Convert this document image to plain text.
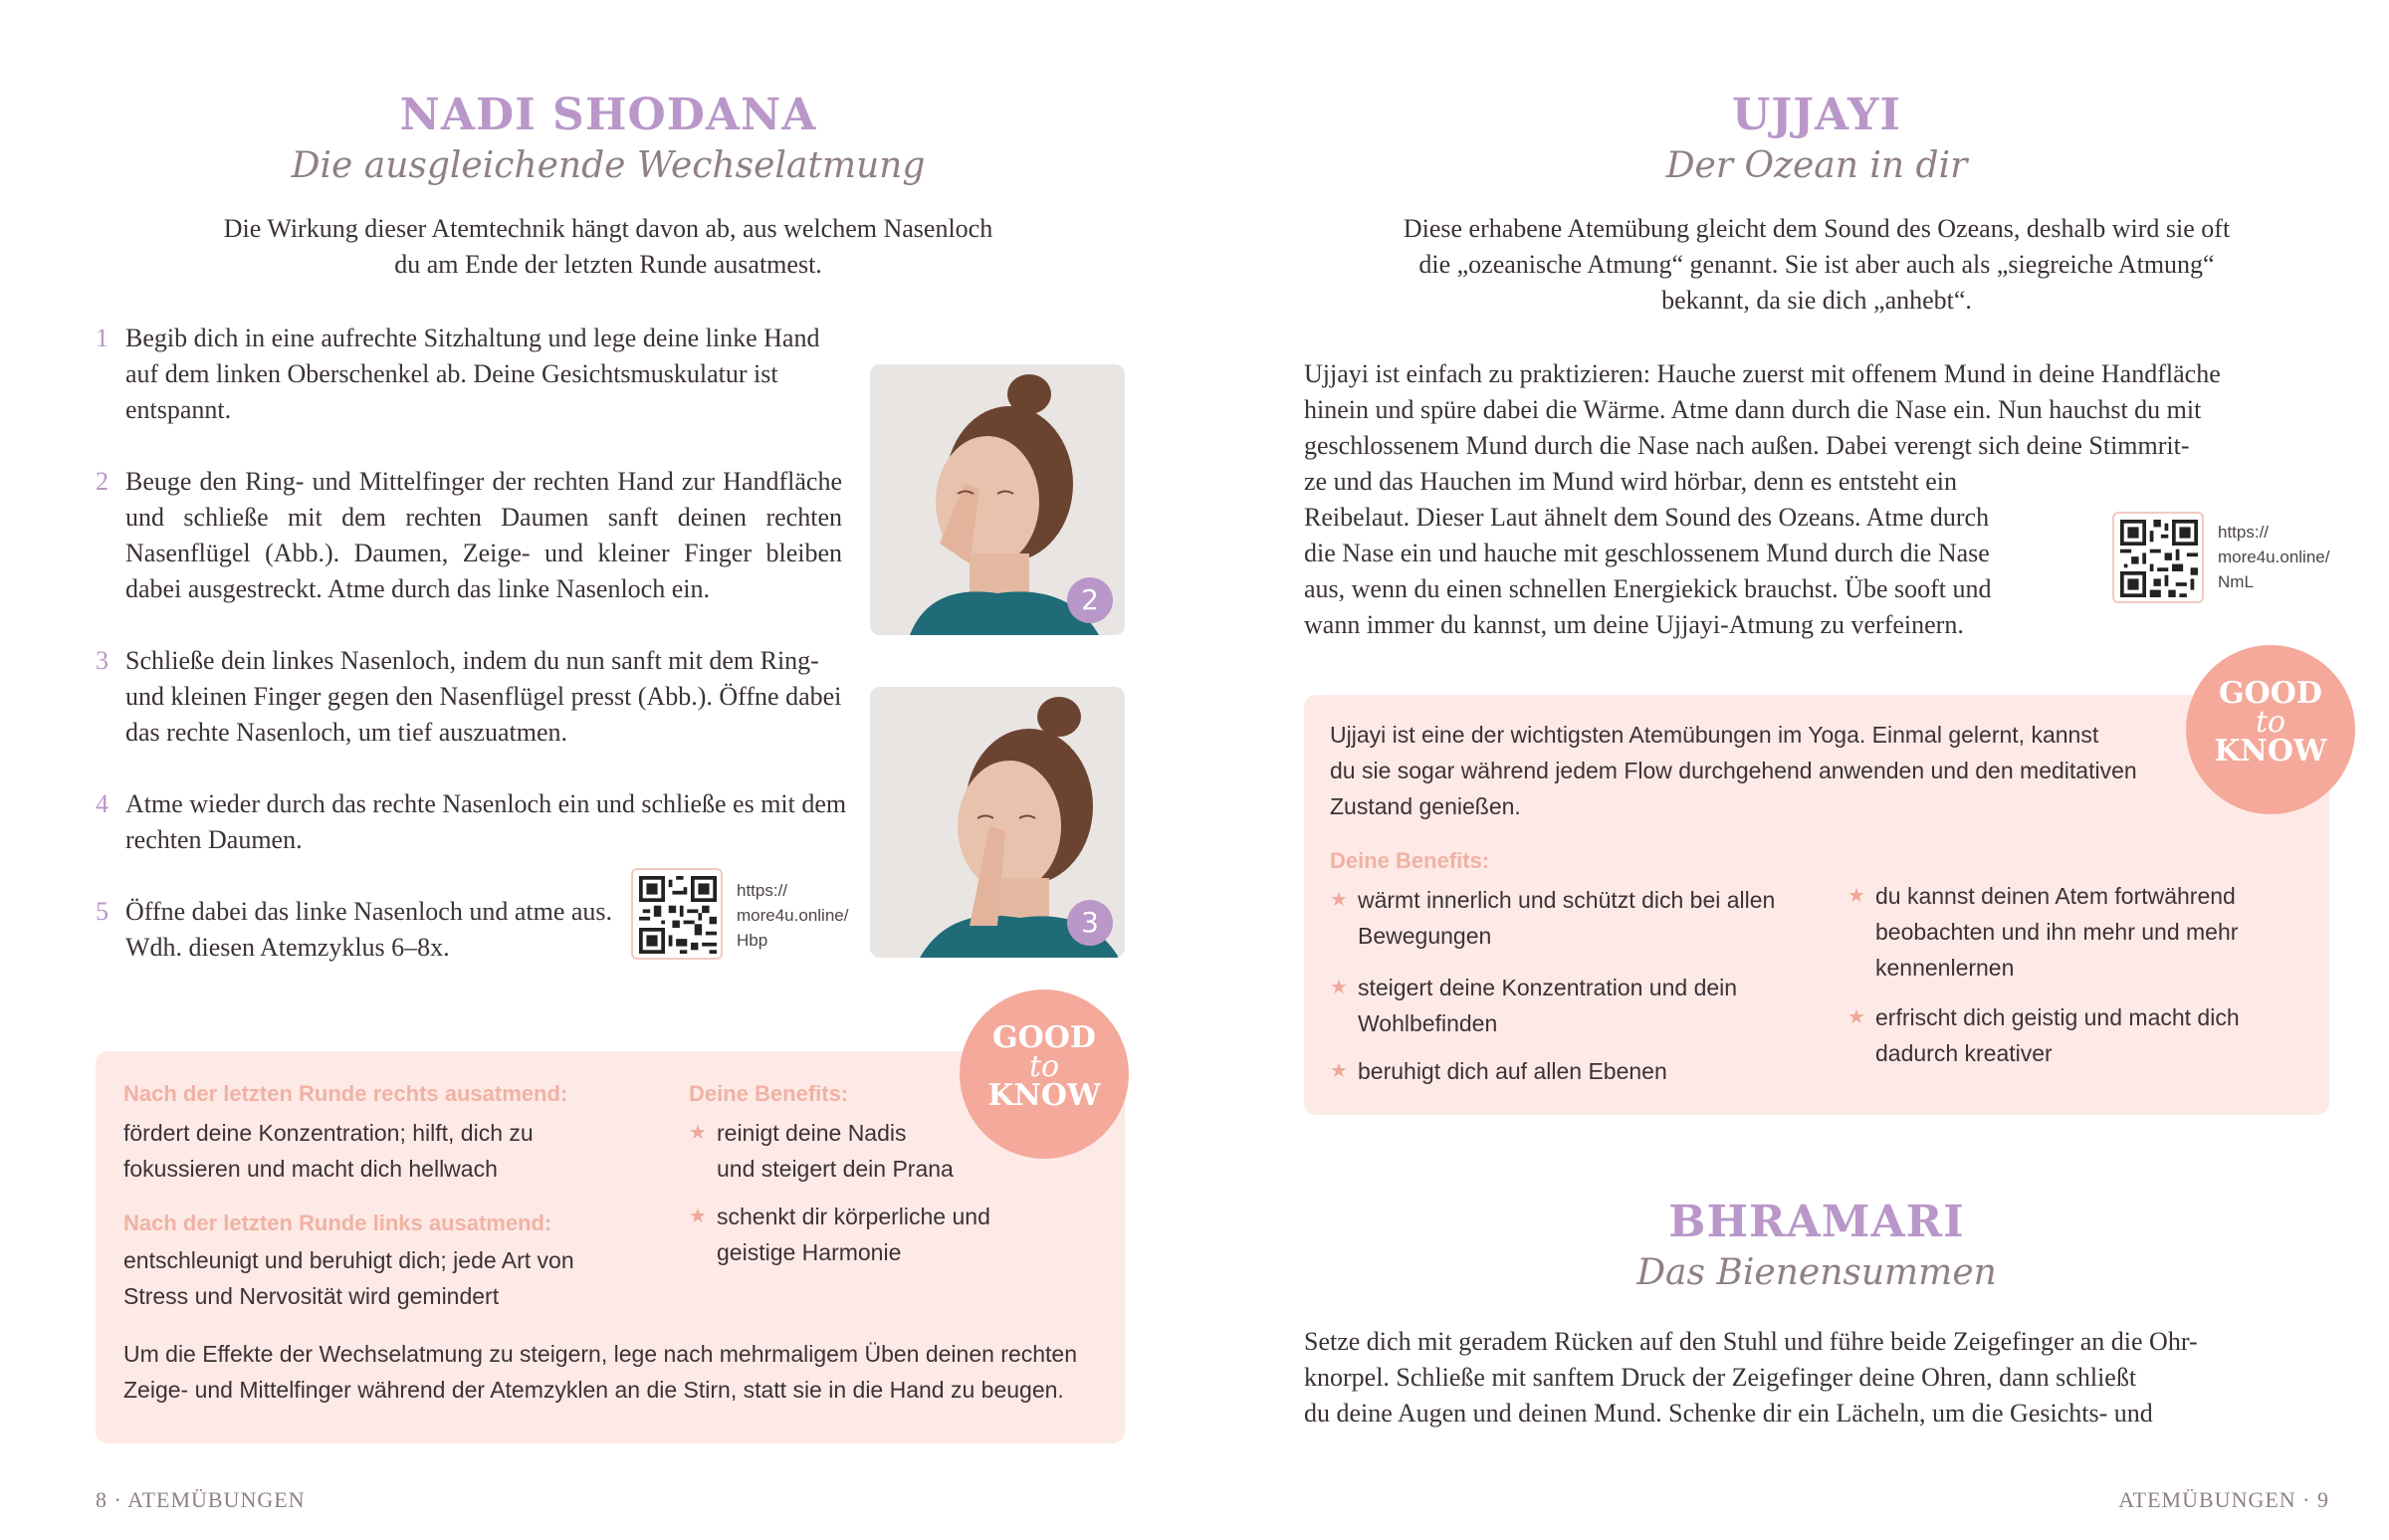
NADI SHODANA
Die ausgleichende Wechselatmung
Die Wirkung dieser Atemtechnik hängt davon ab, aus welchem Nasenloch
du am Ende der letzten Runde ausatmest.
1 Begib dich in eine aufrechte Sitzhaltung und lege deine linke Hand auf dem linken Oberschenkel ab. Deine Gesichtsmuskulatur ist entspannt.
2 Beuge den Ring- und Mittelfinger der rechten Hand zur Handfläche und schließe mit dem rechten Daumen sanft deinen rechten Nasenflügel (Abb.). Daumen, Zeige- und kleiner Finger bleiben dabei ausgestreckt. Atme durch das linke Nasenloch ein.
3 Schließe dein linkes Nasenloch, indem du nun sanft mit dem Ring- und kleinen Finger gegen den Nasenflügel presst (Abb.). Öffne dabei das rechte Nasenloch, um tief auszuatmen.
4 Atme wieder durch das rechte Nasenloch ein und schließe es mit dem rechten Daumen.
5 Öffne dabei das linke Nasenloch und atme aus. Wdh. diesen Atemzyklus 6–8x.
https://
more4u.online/
Hbp
2
3
Nach der letzten Runde rechts ausatmend:
fördert deine Konzentration; hilft, dich zu
fokussieren und macht dich hellwach
Nach der letzten Runde links ausatmend:
entschleunigt und beruhigt dich; jede Art von
Stress und Nervosität wird gemindert
Deine Benefits:
★ reinigt deine Nadis
und steigert dein Prana
★ schenkt dir körperliche und
geistige Harmonie
Um die Effekte der Wechselatmung zu steigern, lege nach mehrmaligem Üben deinen rechten
Zeige- und Mittelfinger während der Atemzyklen an die Stirn, statt sie in die Hand zu beugen.
GOOD
to
KNOW
8 · ATEMÜBUNGEN
UJJAYI
Der Ozean in dir
Diese erhabene Atemübung gleicht dem Sound des Ozeans, deshalb wird sie oft
die „ozeanische Atmung“ genannt. Sie ist aber auch als „siegreiche Atmung“
bekannt, da sie dich „anhebt“.
Ujjayi ist einfach zu praktizieren: Hauche zuerst mit offenem Mund in deine Handfläche
hinein und spüre dabei die Wärme. Atme dann durch die Nase ein. Nun hauchst du mit
geschlossenem Mund durch die Nase nach außen. Dabei verengt sich deine Stimmrit-
ze und das Hauchen im Mund wird hörbar, denn es entsteht ein
Reibelaut. Dieser Laut ähnelt dem Sound des Ozeans. Atme durch
die Nase ein und hauche mit geschlossenem Mund durch die Nase
aus, wenn du einen schnellen Energiekick brauchst. Übe sooft und
wann immer du kannst, um deine Ujjayi-Atmung zu verfeinern.
https://
more4u.online/
NmL
Ujjayi ist eine der wichtigsten Atemübungen im Yoga. Einmal gelernt, kannst
du sie sogar während jedem Flow durchgehend anwenden und den meditativen
Zustand genießen.
Deine Benefits:
★ wärmt innerlich und schützt dich bei allen
Bewegungen
★ steigert deine Konzentration und dein
Wohlbefinden
★ beruhigt dich auf allen Ebenen
★ du kannst deinen Atem fortwährend
beobachten und ihn mehr und mehr
kennenlernen
★ erfrischt dich geistig und macht dich
dadurch kreativer
GOOD
to
KNOW
BHRAMARI
Das Bienensummen
Setze dich mit geradem Rücken auf den Stuhl und führe beide Zeigefinger an die Ohr-
knorpel. Schließe mit sanftem Druck der Zeigefinger deine Ohren, dann schließt
du deine Augen und deinen Mund. Schenke dir ein Lächeln, um die Gesichts- und
ATEMÜBUNGEN · 9
